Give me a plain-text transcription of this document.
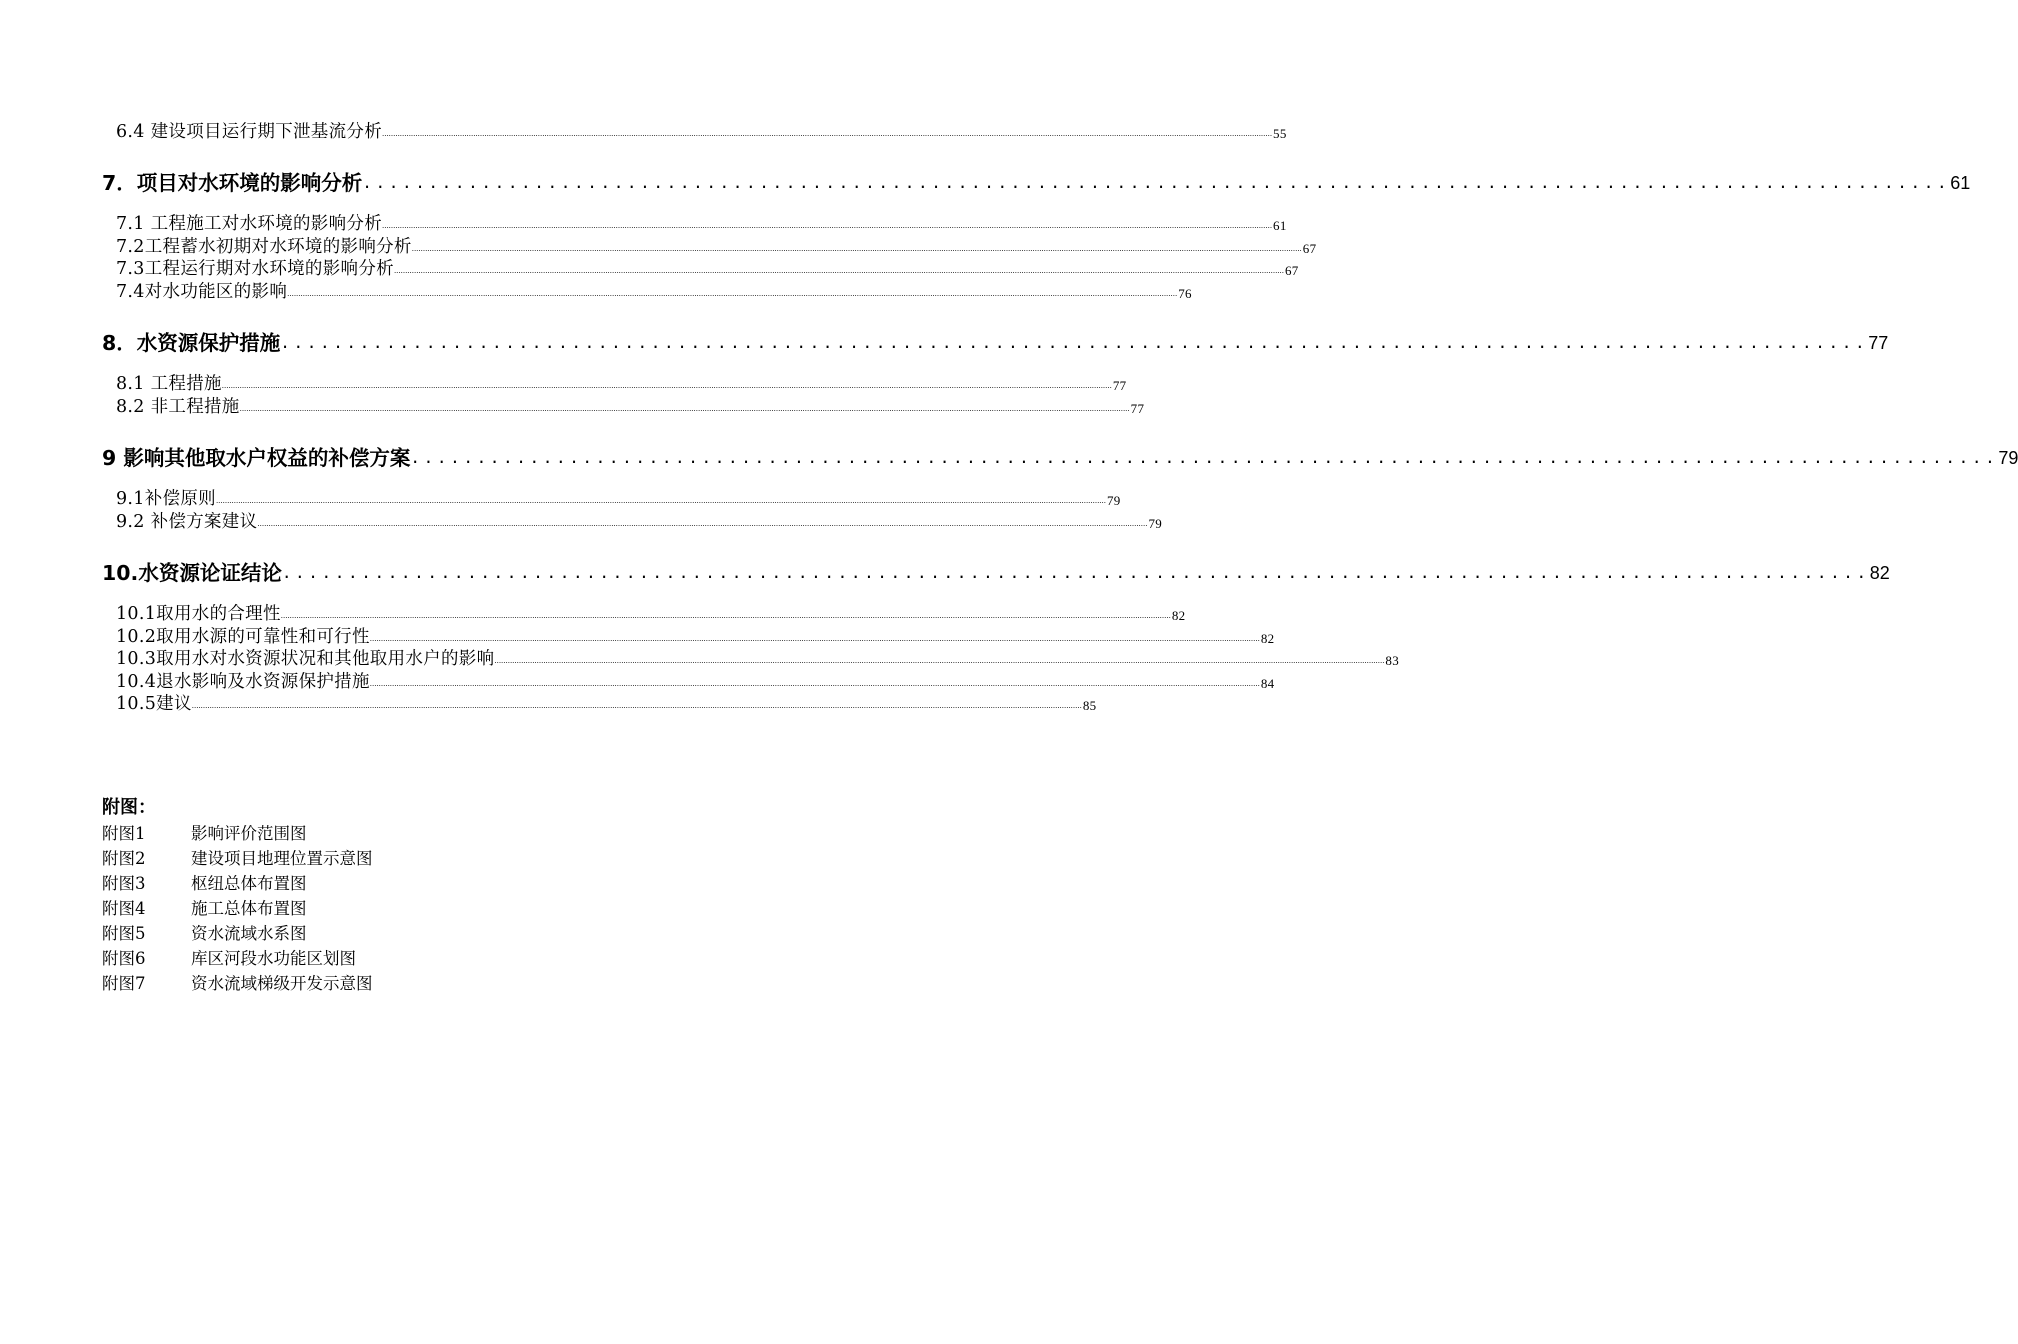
6.4 建设项目运行期下泄基流分析 ................................................................................................................................................................................................................................................................................................................................................................................................................ 55
7．项目对水环境的影响分析 ........................................................................................................................ 61
7.1 工程施工对水环境的影响分析 ................................................................................................................................................................................................................................................................................................................................................................................................................ 61
7.2工程蓄水初期对水环境的影响分析 ................................................................................................................................................................................................................................................................................................................................................................................................................ 67
7.3工程运行期对水环境的影响分析 ................................................................................................................................................................................................................................................................................................................................................................................................................ 67
7.4对水功能区的影响 ................................................................................................................................................................................................................................................................................................................................................................................................................ 76
8．水资源保护措施 ........................................................................................................................ 77
8.1 工程措施 ................................................................................................................................................................................................................................................................................................................................................................................................................ 77
8.2 非工程措施 ................................................................................................................................................................................................................................................................................................................................................................................................................ 77
9 影响其他取水户权益的补偿方案 ........................................................................................................................ 79
9.1补偿原则 ................................................................................................................................................................................................................................................................................................................................................................................................................ 79
9.2 补偿方案建议 ................................................................................................................................................................................................................................................................................................................................................................................................................ 79
10.水资源论证结论 ........................................................................................................................ 82
10.1取用水的合理性 ................................................................................................................................................................................................................................................................................................................................................................................................................ 82
10.2取用水源的可靠性和可行性 ................................................................................................................................................................................................................................................................................................................................................................................................................ 82
10.3取用水对水资源状况和其他取用水户的影响 ................................................................................................................................................................................................................................................................................................................................................................................................................ 83
10.4退水影响及水资源保护措施 ................................................................................................................................................................................................................................................................................................................................................................................................................ 84
10.5建议 ................................................................................................................................................................................................................................................................................................................................................................................................................ 85
附图：
附图1	影响评价范围图
附图2	建设项目地理位置示意图
附图3	枢纽总体布置图
附图4	施工总体布置图
附图5	资水流域水系图
附图6	库区河段水功能区划图
附图7	资水流域梯级开发示意图
